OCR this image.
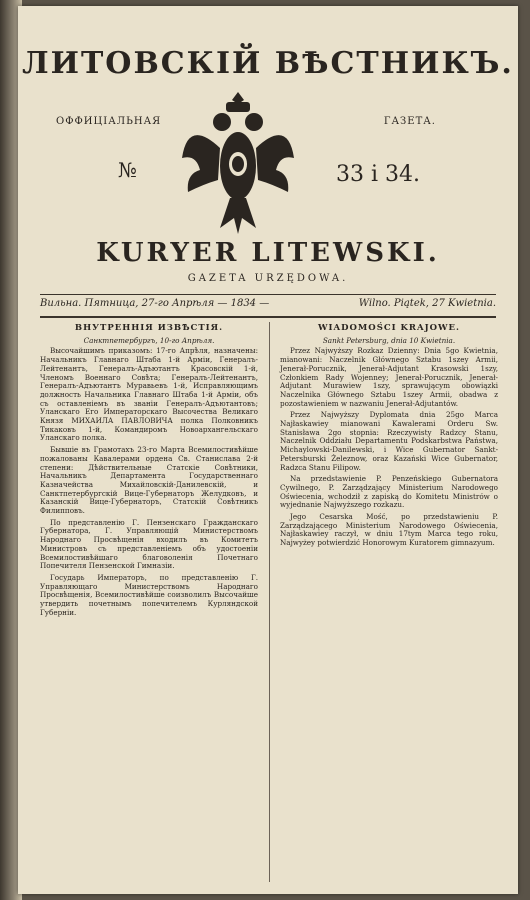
ЛИТОВСКІЙ ВѢСТНИКЪ.
ОФФИЦІАЛЬНАЯ	ГАЗЕТА.
№	33 і 34.
KURYER LITEWSKI.
GAZETA URZĘDOWA.
Вильна. Пятница, 27-го Апрѣля — 1834 —	Wilno. Piątek, 27 Kwietnia.
ВНУТРЕННІЯ ИЗВѢСТІЯ.
Санктпетербургъ, 10-го Апрѣля.

Высочайшимъ приказомъ: 17-го Апрѣля, назначены: Начальникъ Главнаго Штаба 1-й Арміи, Генералъ-Лейтенантъ, Генералъ-Адъютантъ Красовскій 1-й, Членомъ Военнаго Совѣта; Генералъ-Лейтенантъ, Генералъ-Адъютантъ Муравьевъ 1-й, Исправляющимъ должность Начальника Главнаго Штаба 1-й Арміи, объ съ оставленіемъ въ званіи Генералъ-Адъютантовъ; Уланскаго Его Императорскаго Высочества Великаго Князя МИХАИЛА ПАВЛОВИЧА полка Полковникъ Тикаковъ 1-й, Командиромъ Новоархангельскаго Уланскаго полка.

Бывшіе въ Грамотахъ 23-го Марта Всемилостивѣйше пожалованы Кавалерами ордена Св. Станислава 2-й степени: Дѣйствительные Статскіе Совѣтники, Начальникъ Департамента Государственнаго Казначейства Михайловскій-Данилевскій, и Санктпетербургскій Вице-Губернаторъ Желудковъ, и Казанскій Вице-Губернаторъ, Статскій Совѣтникъ Филипповъ.

По представленію Г. Пензенскаго Гражданскаго Губернатора, Г. Управляющій Министерствомъ Народнаго Просвѣщенія входилъ въ Комитетъ Министровъ съ представленіемъ объ удостоеніи Всемилостивѣйшаго благоволенія Почетнаго Попечителя Пензенской Гимназіи.

Государь Императоръ, по представленію Г. Управляющаго Министерствомъ Народнаго Просвѣщенія, Всемилостивѣйше соизволилъ Высочайше утвердить почетнымъ попечителемъ Курляндской Губерніи.

WIADOMOŚCI KRAJOWE.
Sankt Petersburg, dnia 10 Kwietnia.

Przez Najwyższy Rozkaz Dzienny: Dnia 5go Kwietnia, mianowani: Naczelnik Głównego Sztabu 1szey Armii, Jenerał-Porucznik, Jenerał-Adjutant Krasowski 1szy, Członkiem Rady Wojenney; Jenerał-Porucznik, Jenerał-Adjutant Murawiew 1szy, sprawującym obowiązki Naczelnika Głównego Sztabu 1szey Armii, obadwa z pozostawieniem w nazwaniu Jenerał-Adjutantów.

Przez Najwyższy Dyplomata dnia 25go Marca Najłaskawiey mianowani Kawalerami Orderu Sw. Stanisława 2go stopnia: Rzeczywisty Radzcy Stanu, Naczelnik Oddziału Departamentu Podskarbstwa Państwa, Michaylowski-Danilewski, i Wice Gubernator Sankt-Petersburski Żeleznow, oraz Kazański Wice Gubernator, Radzca Stanu Filipow.

Na przedstawienie P. Penzeńskiego Gubernatora Cywilnego, P. Zarządzający Ministerium Narodowego Oświecenia, wchodził z zapiską do Komitetu Ministrów o wyjednanie Najwyższego rozkazu.

Jego Cesarska Mość, po przedstawieniu P. Zarządzającego Ministerium Narodowego Oświecenia, Najłaskawiey raczył, w dniu 17tym Marca tego roku, Najwyżey potwierdzić Honorowym Kuratorem gimnazyum.
